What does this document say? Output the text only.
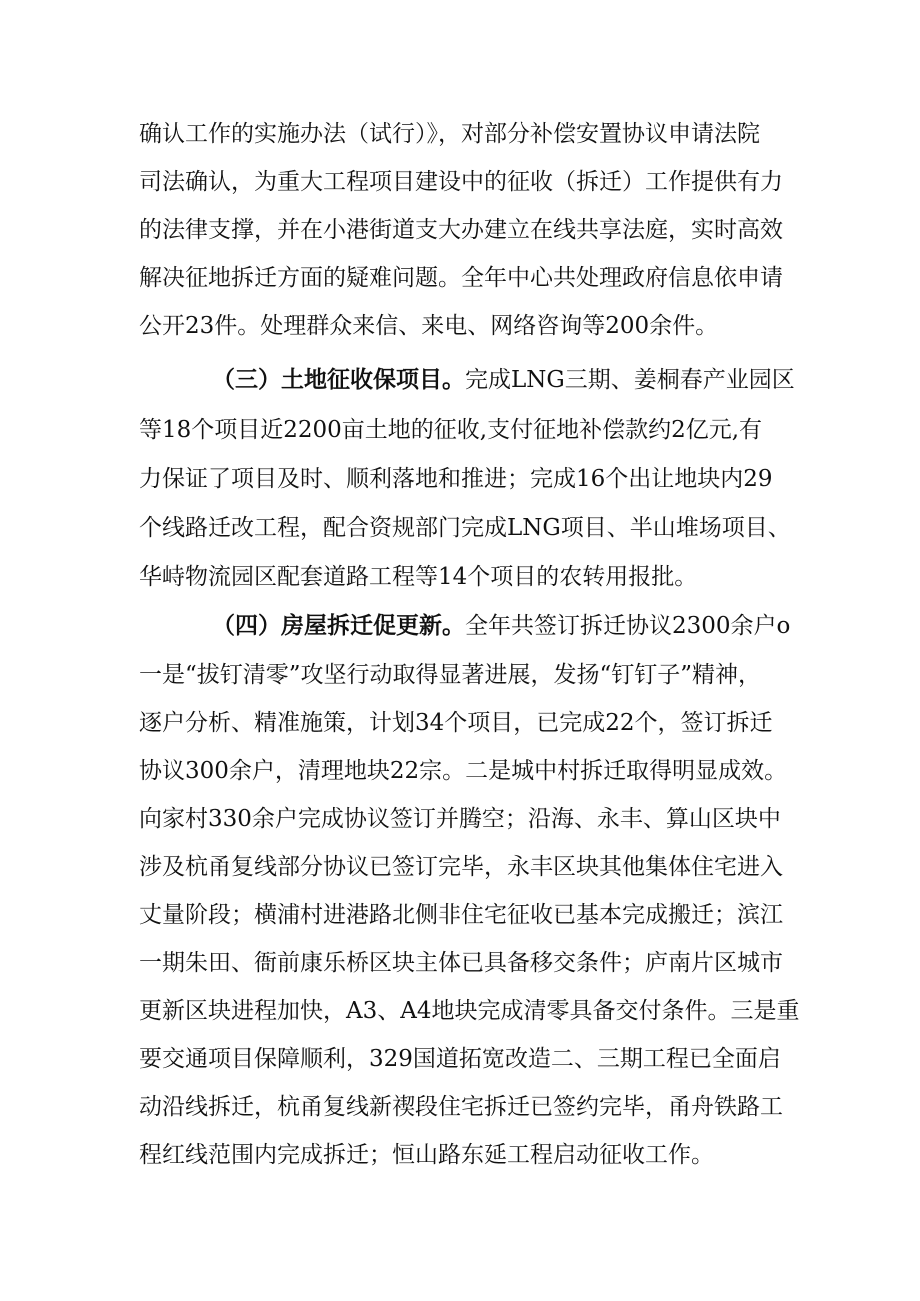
确认工作的实施办法（试行）》，对部分补偿安置协议申请法院
司法确认，为重大工程项目建设中的征收（拆迁）工作提供有力
的法律支撑，并在小港街道支大办建立在线共享法庭，实时高效
解决征地拆迁方面的疑难问题。全年中心共处理政府信息依申请
公开23件。处理群众来信、来电、网络咨询等200余件。
（三）土地征收保项目。完成LNG三期、姜桐春产业园区
等18个项目近2200亩土地的征收,支付征地补偿款约2亿元,有
力保证了项目及时、顺利落地和推进；完成16个出让地块内29
个线路迁改工程，配合资规部门完成LNG项目、半山堆场项目、
华峙物流园区配套道路工程等14个项目的农转用报批。
（四）房屋拆迁促更新。全年共签订拆迁协议2300余户o
一是“拔钉清零”攻坚行动取得显著进展，发扬“钉钉子”精神，
逐户分析、精准施策，计划34个项目，已完成22个，签订拆迁
协议300余户，清理地块22宗。二是城中村拆迁取得明显成效。
向家村330余户完成协议签订并腾空；沿海、永丰、算山区块中
涉及杭甬复线部分协议已签订完毕，永丰区块其他集体住宅进入
丈量阶段；横浦村进港路北侧非住宅征收已基本完成搬迁；滨江
一期朱田、衙前康乐桥区块主体已具备移交条件；庐南片区城市
更新区块进程加快，A3、A4地块完成清零具备交付条件。三是重
要交通项目保障顺利，329国道拓宽改造二、三期工程已全面启
动沿线拆迁，杭甬复线新禊段住宅拆迁已签约完毕，甬舟铁路工
程红线范围内完成拆迁；恒山路东延工程启动征收工作。
